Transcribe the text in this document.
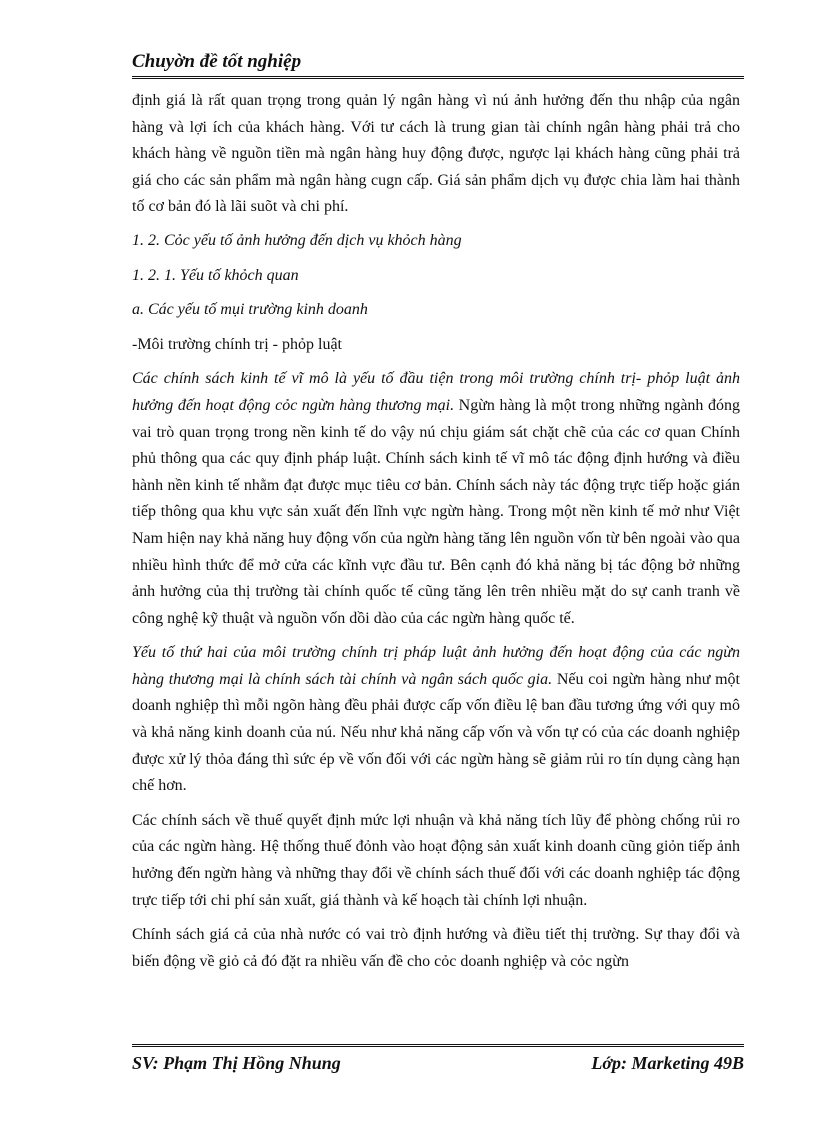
Chuyờn đề tốt nghiệp

định giá là rất quan trọng trong quản lý ngân hàng vì nú ảnh hưởng đến thu nhập của ngân hàng và lợi ích của khách hàng. Với tư cách là trung gian tài chính ngân hàng phải trả cho khách hàng về nguồn tiền mà ngân hàng huy động được, ngược lại khách hàng cũng phải trả giá cho các sản phẩm mà ngân hàng cugn cấp. Giá sản phẩm dịch vụ được chia làm hai thành tố cơ bản đó là lãi suõt và chi phí.

1. 2. Cỏc yếu tố ảnh hưởng đến dịch vụ khỏch hàng

1. 2. 1. Yếu tố khỏch quan

a. Các yếu tố mụi trường kinh doanh

-Môi trường chính trị - phỏp luật

Các chính sách kinh tế vĩ mô là yếu tố đầu tiện trong môi trường chính trị- phỏp luật ảnh hưởng đến hoạt động cỏc ngừn hàng thương mại. Ngừn hàng là một trong những ngành đóng vai trò quan trọng trong nền kinh tế do vậy nú chịu giám sát chặt chẽ của các cơ quan Chính phủ thông qua các quy định pháp luật. Chính sách kinh tế vĩ mô tác động định hướng và điều hành nền kinh tế nhằm đạt được mục tiêu cơ bản. Chính sách này tác động trực tiếp hoặc gián tiếp thông qua khu vực sản xuất đến lĩnh vực ngừn hàng. Trong một nền kinh tế mở như Việt Nam hiện nay khả năng huy động vốn của ngừn hàng tăng lên nguồn vốn từ bên ngoài vào qua nhiều hình thức để mở cửa các kĩnh vực đầu tư. Bên cạnh đó khả năng bị tác động bở những ảnh hưởng của thị trường tài chính quốc tế cũng tăng lên trên nhiều mặt do sự canh tranh về công nghệ kỹ thuật và nguồn vốn dồi dào của các ngừn hàng quốc tế.

Yếu tố thứ hai của môi trường chính trị pháp luật ảnh hưởng đến hoạt động của các ngừn hàng thương mại là chính sách tài chính và ngân sách quốc gia. Nếu coi ngừn hàng như một doanh nghiệp thì mỗi ngõn hàng đều phải được cấp vốn điều lệ ban đầu tương ứng với quy mô và khả năng kinh doanh của nú. Nếu như khả năng cấp vốn và vốn tự có của các doanh nghiệp được xử lý thỏa đáng thì sức ép về vốn đối với các ngừn hàng sẽ giảm rủi ro tín dụng càng hạn chế hơn.

Các chính sách về thuế quyết định mức lợi nhuận và khả năng tích lũy để phòng chống rủi ro của các ngừn hàng. Hệ thống thuế đỏnh vào hoạt động sản xuất kinh doanh cũng giỏn tiếp ảnh hưởng đến ngừn hàng và những thay đổi về chính sách thuế đối với các doanh nghiệp tác động trực tiếp tới chi phí sản xuất, giá thành và kế hoạch tài chính lợi nhuận.

Chính sách giá cả của nhà nước có vai trò định hướng và điều tiết thị trường. Sự thay đổi và biến động về giỏ cả đó đặt ra nhiều vấn đề cho cỏc doanh nghiệp và cỏc ngừn

SV: Phạm Thị Hồng Nhung	Lớp: Marketing 49B
